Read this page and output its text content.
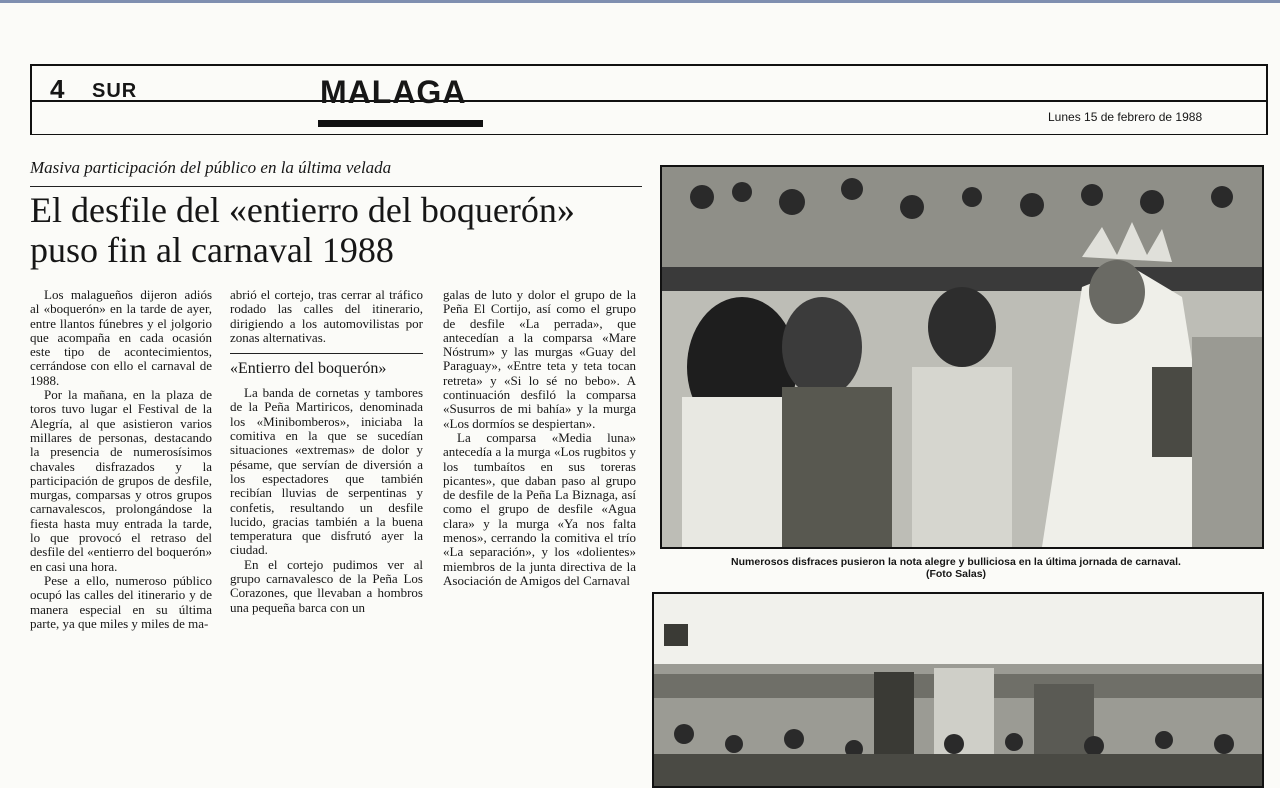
4 SUR	MALAGA
Lunes 15 de febrero de 1988
Masiva participación del público en la última velada
El desfile del «entierro del boquerón»
puso fin al carnaval 1988

Los malagueños dijeron adiós al «boquerón» en la tarde de ayer, entre llantos fúnebres y el jolgorio que acompaña en cada ocasión este tipo de acontecimientos, cerrándose con ello el carnaval de 1988.

Por la mañana, en la plaza de toros tuvo lugar el Festival de la Alegría, al que asistieron varios millares de personas, destacando la presencia de numerosísimos chavales disfrazados y la participación de grupos de desfile, murgas, comparsas y otros grupos carnavalescos, prolongándose la fiesta hasta muy entrada la tarde, lo que provocó el retraso del desfile del «entierro del boquerón» en casi una hora.

Pese a ello, numeroso público ocupó las calles del itinerario y de manera especial en su última parte, ya que miles y miles de ma-

abrió el cortejo, tras cerrar al tráfico rodado las calles del itinerario, dirigiendo a los automovilistas por zonas alternativas.

«Entierro del boquerón»

La banda de cornetas y tambores de la Peña Martiricos, denominada los «Minibomberos», iniciaba la comitiva en la que se sucedían situaciones «extremas» de dolor y pésame, que servían de diversión a los espectadores que también recibían lluvias de serpentinas y confetis, resultando un desfile lucido, gracias también a la buena temperatura que disfrutó ayer la ciudad.

En el cortejo pudimos ver al grupo carnavalesco de la Peña Los Corazones, que llevaban a hombros una pequeña barca con un

galas de luto y dolor el grupo de la Peña El Cortijo, así como el grupo de desfile «La perrada», que antecedían a la comparsa «Mare Nóstrum» y las murgas «Guay del Paraguay», «Entre teta y teta tocan retreta» y «Si lo sé no bebo». A continuación desfiló la comparsa «Susurros de mi bahía» y la murga «Los dormíos se despiertan».

La comparsa «Media luna» antecedía a la murga «Los rugbitos y los tumbaítos en sus toreras picantes», que daban paso al grupo de desfile de la Peña La Biznaga, así como el grupo de desfile «Agua clara» y la murga «Ya nos falta menos», cerrando la comitiva el trío «La separación», y los «dolientes» miembros de la junta directiva de la Asociación de Amigos del Carnaval

Numerosos disfraces pusieron la nota alegre y bulliciosa en la última jornada de carnaval.
(Foto Salas)
